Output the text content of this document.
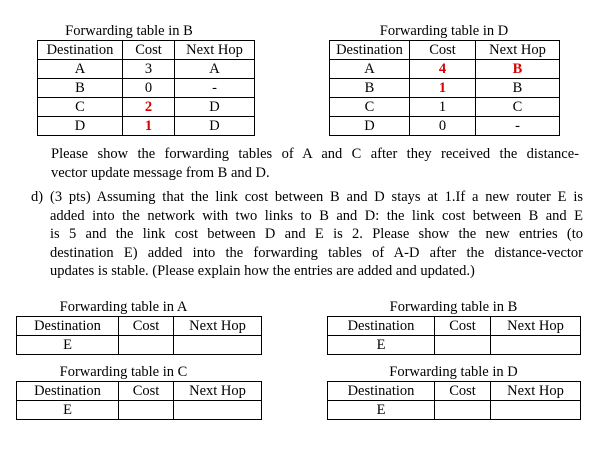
Forwarding table in B
Destination	Cost	Next Hop
A	3	A
B	0	-
C	2	D
D	1	D
Forwarding table in D
Destination	Cost	Next Hop
A	4	B
B	1	B
C	1	C
D	0	-
Please show the forwarding tables of A and C after they received the distance-
vector update message from B and D.
d) (3 pts) Assuming that the link cost between B and D stays at 1.If a new router E is
added into the network with two links to B and D: the link cost between B and E
is 5 and the link cost between D and E is 2. Please show the new entries (to
destination E) added into the forwarding tables of A-D after the distance-vector
updates is stable. (Please explain how the entries are added and updated.)
Forwarding table in A
Destination	Cost	Next Hop
E		
Forwarding table in B
Destination	Cost	Next Hop
E		
Forwarding table in C
Destination	Cost	Next Hop
E		
Forwarding table in D
Destination	Cost	Next Hop
E		
